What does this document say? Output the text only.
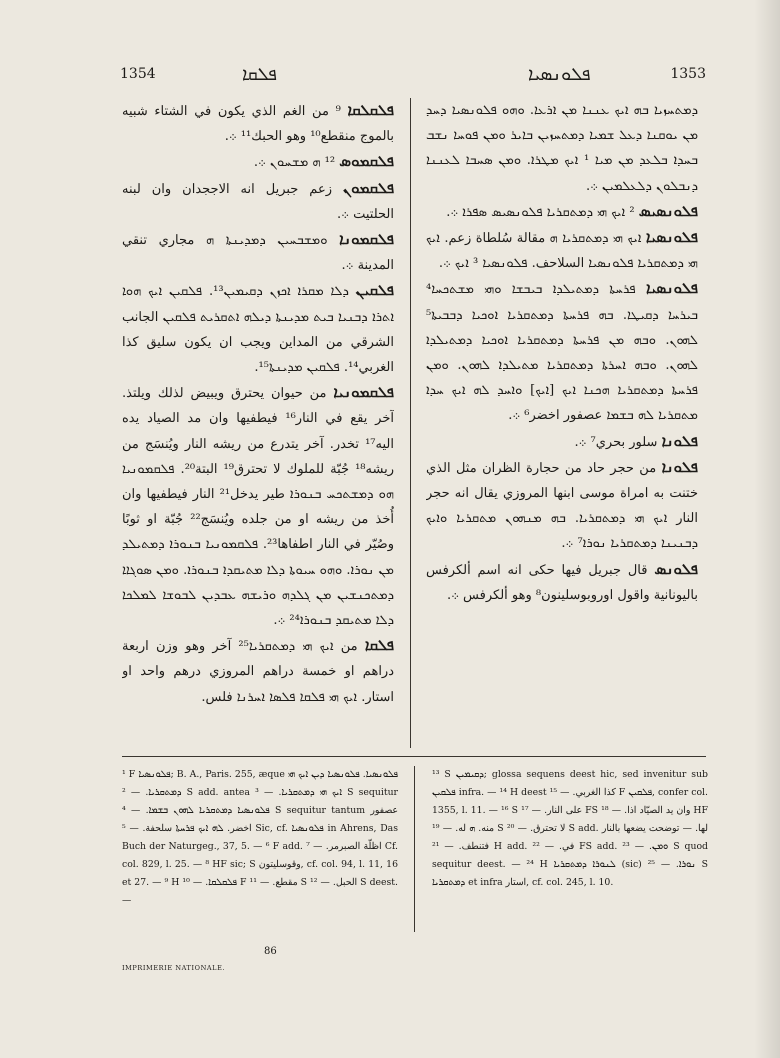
1354	ܦܠܩܐ	ܦܠܘܢܣܝܐ	1353
ܦܠܩܠܩܐ ⁹ من الغم الذي يكون في الشتاء شبيه بالموج منقطع¹⁰ وهو الحبك¹¹ ܀.
ܦܠܩܡܘܣ ¹² ܗ ܡܫܚܘܢ ܀.
ܦܠܩܡܘܢ زعم جبريل انه الاججدان وان لبنه الحلتيت ܀.
ܦܠܩܡܘܢܐ ܘܡܫܒܚܝܢ ܕܡܕܝܢܬܐ ܗ مجاري تنقي المدينة ܀.
ܦܠܩܝܢ ܕܠܐ ܡܩܪܐ ܐܟܙܢ ܕܩܝܡܝܢ¹³. ܦܠܩܝܢ ܐܝܟ ܗܘܐ ܐܬܪܐ ܕܒܢܝܐ ܒܝܬ ܡܕܝܢܬܐ ܕܝܠܗ ܐܬܩܪܝܬ ܦܠܩܝܢ الجانب الشرقي من المداين ويجب ان يكون سليق كذا الغربي¹⁴. ܦܠܩܝܢ ܡܕܝܢܬܐ¹⁵.
ܦܠܩܡܘܢܝܐ من حيوان يحترق ويبيض لذلك ويلتذ. آخر يقع في النار¹⁶ فيطفيها وان مد الصياد يده اليه¹⁷ تخدر. آخر يتدرع من ريشه النار ويُنسَج من ريشه¹⁸ جُبّة للملوك لا تحترق¹⁹ البتة²⁰. ܦܠܩܡܘܢܝܐ ܗܘ ܕܡܫܬܟܚ ܒܢܘܪܐ طير يدخل²¹ النار فيطفيها وان أُخذ من ريشه او من جلده ويُنسَج²² جُبّة او ثوبًا وصُيّر في النار اطفاها²³. ܦܠܩܡܘܢܝܐ ܒܢܘܪܐ ܕܡܬܝܠܕ ܡܢ ܢܘܪܐ. ܘܗܘ ܚܝܘܬܐ ܕܠܐ ܡܬܝܩܕܐ ܒܢܘܪܐ. ܘܡܢ ܣܘܓܐܐ ܕܡܬܟܢܫܝܢ ܡܢ ܓܠܕܗ ܘܪܝܫܗ ܥܒܕܝܢ ܠܒܘܫܐ ܠܡܠܟܐ ܕܠܐ ܡܬܝܩܕ ܒܢܘܪܐ²⁴ ܀.
ܦܠܩܐ من ܐܝܟ ܗܝ ܕܡܬܩܪܝܐ²⁵ آخر وهو وزن اربعة دراهم او خمسة دراهم المروزي درهم واحد او استار. ܐܝܟ ܗܝ ܦܠܩܐ ܦܠܣܐ ܐܚܪܢܐ فلس.
ܕܡܬܚܙܝܐ ܒܗ ܐܝܟ ܥܢܢܐ ܡܢ ܐܪܥܐ. ܘܗܘ ܦܠܘܢܣܝܐ ܕܚܕ ܡܢ ܝܘܩܢܐ ܕܥܠ ܫܡܝܐ ܕܡܬܚܙܝܢ ܒܐܝܪ ܘܡܢ ܦܘܚܐ ܢܫܒ ܒܚܕܐ ܒܠܥܕ ܡܢ ܡܝܐ ¹ ܐܝܟ ܡܛܪܐ. ܘܡܢ ܣܚܒܐ ܠܥܢܢܐ ܕܢܒܠܘܢ ܕܠܥܠܡܝܢ ܀.
ܦܠܘܢܣܝܣ ² ܐܝܟ ܗܝ ܕܡܬܩܪܝܐ ܦܠܘܢܣܝܣ ܣܦܪܐ ܀.
ܦܠܘܢܣܝܐ ܐܝܟ ܗܝ ܕܡܬܩܪܝܐ ܗ مقالة سُلطاة زعم. ܐܝܟ ܗܝ ܕܡܬܩܪܝܐ ܦܠܘܢܣܝܐ السلاحف. ܦܠܘܢܣܝܐ ³ ܐܝܟ ܀.
ܦܠܘܢܣܝܐ ܦܪܚܬܐ ܕܡܬܝܠܕܐ ܒܝܒܫܐ ܘܗܝ ܡܫܬܟܚܐ⁴ ܒܝܪܚܐ ܕܩܝܛܐ. ܒܗ ܦܪܚܬܐ ܕܡܬܩܪܝܐ ܐܘܟܝܐ ܕܒܒܝܬܐ⁵ ܠܗܘܢ. ܘܒܗ ܡܢ ܦܪܚܬܐ ܕܡܬܩܪܝܐ ܐܘܟܝܐ ܕܡܬܝܠܕܐ ܠܗܘܢ. ܘܒܗ ܐܚܪܬܐ ܕܡܬܩܪܝܐ ܡܬܝܠܕܐ ܠܗܘܢ. ܘܡܢ ܦܪܚܬܐ ܕܡܬܩܪܝܐ ܗܟܢܐ ܐܝܟ [ܐܝܟ] ܘܐܚܕ ܠܗ ܐܝܟ ܚܕܐ ܡܬܩܪܝܐ ܠܗ ܒܫܡܐ عصفور اخضر⁶ ܀.
ܦܠܘܢܐ سلور بحري⁷ ܀.
ܦܠܘܢܐ من حجر حاد من حجارة الظران مثل الذي ختنت به امراة موسى ابنها المروزي يقال انه حجر النار ܐܝܟ ܗܝ ܕܡܬܩܪܝܐ. ܒܗ ܡܢܗܘܢ ܡܬܩܪܝܐ ܘܐܝܟ ܕܒܢܝܢܐ ܕܡܬܩܪܝܐ ܢܘܪܐ⁷ ܀.
ܦܠܘܢܣ قال جبريل فيها حكى انه اسم ألكرفس باليونانية واقول اوروبوسلينون⁸ وهو ألكرفس ܀.
¹ F ܦܠܘܢܣܝܐ; B. A., Paris. 255, æque ܦܠܘܢܣܝܐ. ܦܠܘܢܣܝܐ ܕܝܢ ܐܝܟ ܗܝ ܕܡܬܩܪܝܐ. — ² S add. antea ܐܝܟ ܗܝ ܕܡܬܩܪܝܐ. — ³ S sequitur ܦܠܘܢܣܝܐ ܕܡܬܩܪܝܐ ܠܗܘܢ ܒܫܡܐ. — ⁴ S sequitur tantum عصفور اخضر. ܠܗ ܐܝܟ ܦܪܚܬܐ سلحفة. — ⁵ Sic, cf. ܦܠܘܢܣܝܐ in Ahrens, Das Buch der Naturgeg., 37, 5. — ⁶ F add. اظلّة الصبرمر. — ⁷ Cf. col. 829, l. 25. — ⁸ HF sic; S وقوسليتون, cf. col. 94, l. 11, 16 et 27. — ⁹ H ܦܠܩܠܩܐ. — ¹⁰ F مقطع. — ¹¹ S الحبل. — ¹² S deest. —
¹³ S ܕܩܝܡܝܢ; glossa sequens deest hic, sed invenitur sub ܦܠܩܝܢ infra. — ¹⁴ H deest كذا الغربي. — ¹⁵ F ܦܠܩܝܢ, confer col. 1355, l. 11. — ¹⁶ S على النار. — ¹⁷ FS وان يد الصيّاد اذا. — ¹⁸ HF منه. ܗ له. — ¹⁹ S لا تحترق. — ²⁰ S add. لها. — توضحت يضعها بالنار فتنطف. — ²¹ H add. في. — ²² FS add. ܘܡܢ. — ²³ S quod sequitur deest. — ²⁴ H ܠܢܘܪܐ ܕܡܬܩܪܝܐ (sic) ܢܘܪܐ. — ²⁵ S ܕܡܬܩܪܝܐ et infra استار, cf. col. 245, l. 10.
86
IMPRIMERIE NATIONALE.
